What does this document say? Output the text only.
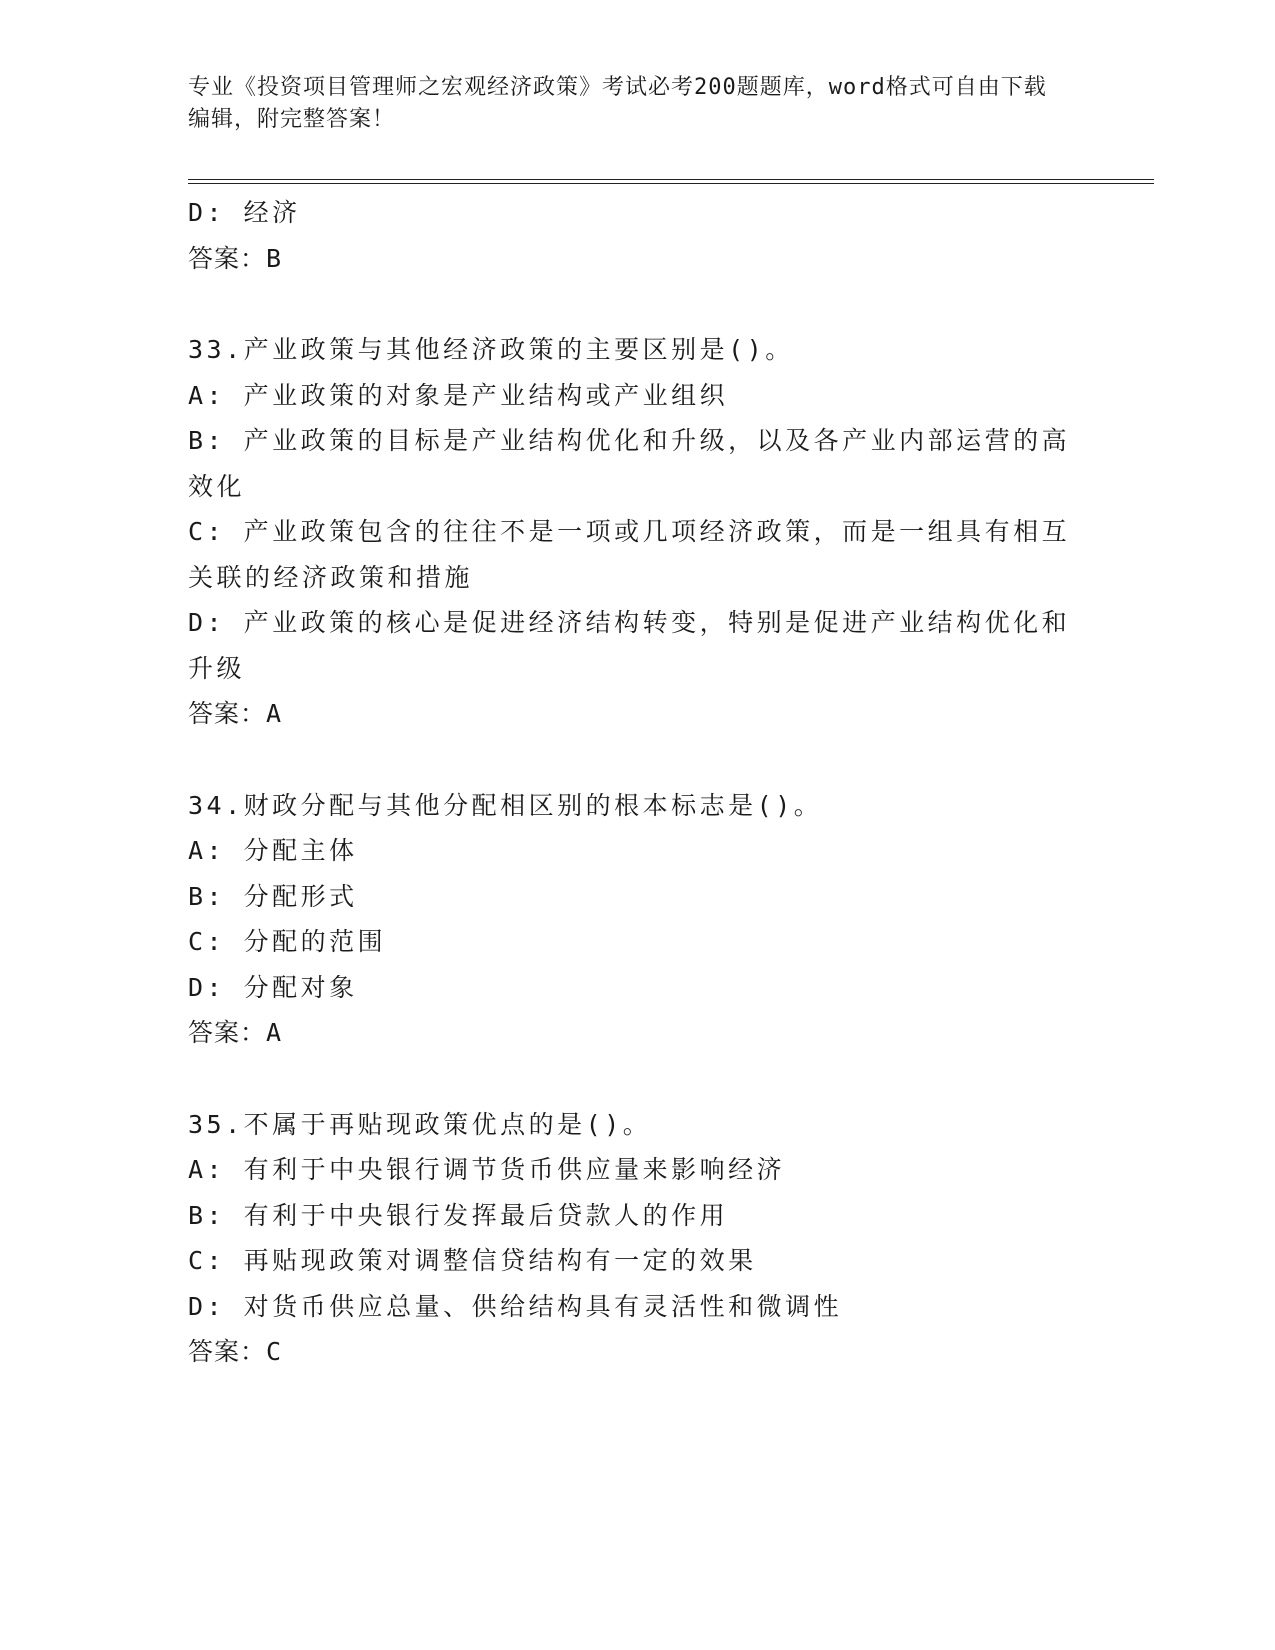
专业《投资项目管理师之宏观经济政策》考试必考200题题库，word格式可自由下载编辑，附完整答案！
D: 经济
答案：B
33.产业政策与其他经济政策的主要区别是()。
A: 产业政策的对象是产业结构或产业组织
B: 产业政策的目标是产业结构优化和升级，以及各产业内部运营的高效化
C: 产业政策包含的往往不是一项或几项经济政策，而是一组具有相互关联的经济政策和措施
D: 产业政策的核心是促进经济结构转变，特别是促进产业结构优化和升级
答案：A
34.财政分配与其他分配相区别的根本标志是()。
A: 分配主体
B: 分配形式
C: 分配的范围
D: 分配对象
答案：A
35.不属于再贴现政策优点的是()。
A: 有利于中央银行调节货币供应量来影响经济
B: 有利于中央银行发挥最后贷款人的作用
C: 再贴现政策对调整信贷结构有一定的效果
D: 对货币供应总量、供给结构具有灵活性和微调性
答案：C
